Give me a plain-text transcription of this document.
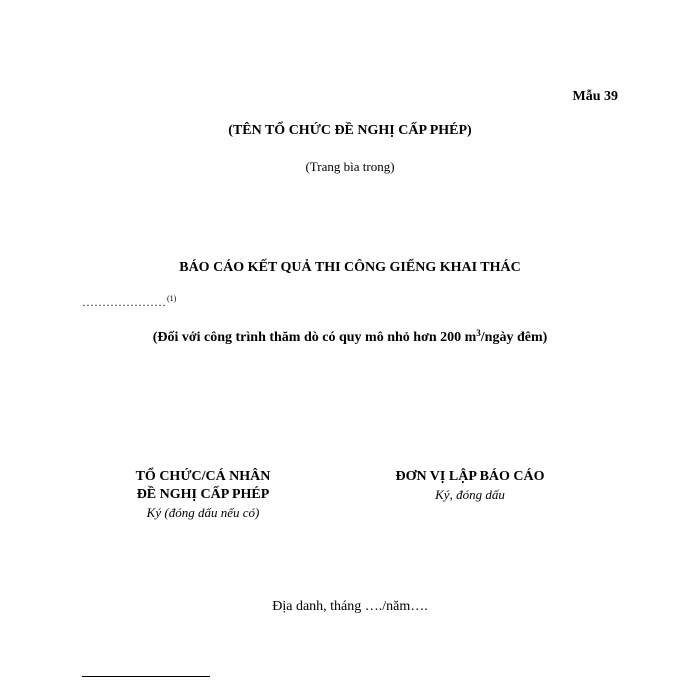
Mẫu 39
(TÊN TỔ CHỨC ĐỀ NGHỊ CẤP PHÉP)
(Trang bìa trong)
BÁO CÁO KẾT QUẢ THI CÔNG GIẾNG KHAI THÁC
…………………$^{(1)}$
(Đối với công trình thăm dò có quy mô nhỏ hơn 200 $m^3$/ngày đêm)
TỔ CHỨC/CÁ NHÂN
ĐỀ NGHỊ CẤP PHÉP
Ký (đóng dấu nếu có)
ĐƠN VỊ LẬP BÁO CÁO
Ký, đóng dấu
Địa danh, tháng …./năm….
